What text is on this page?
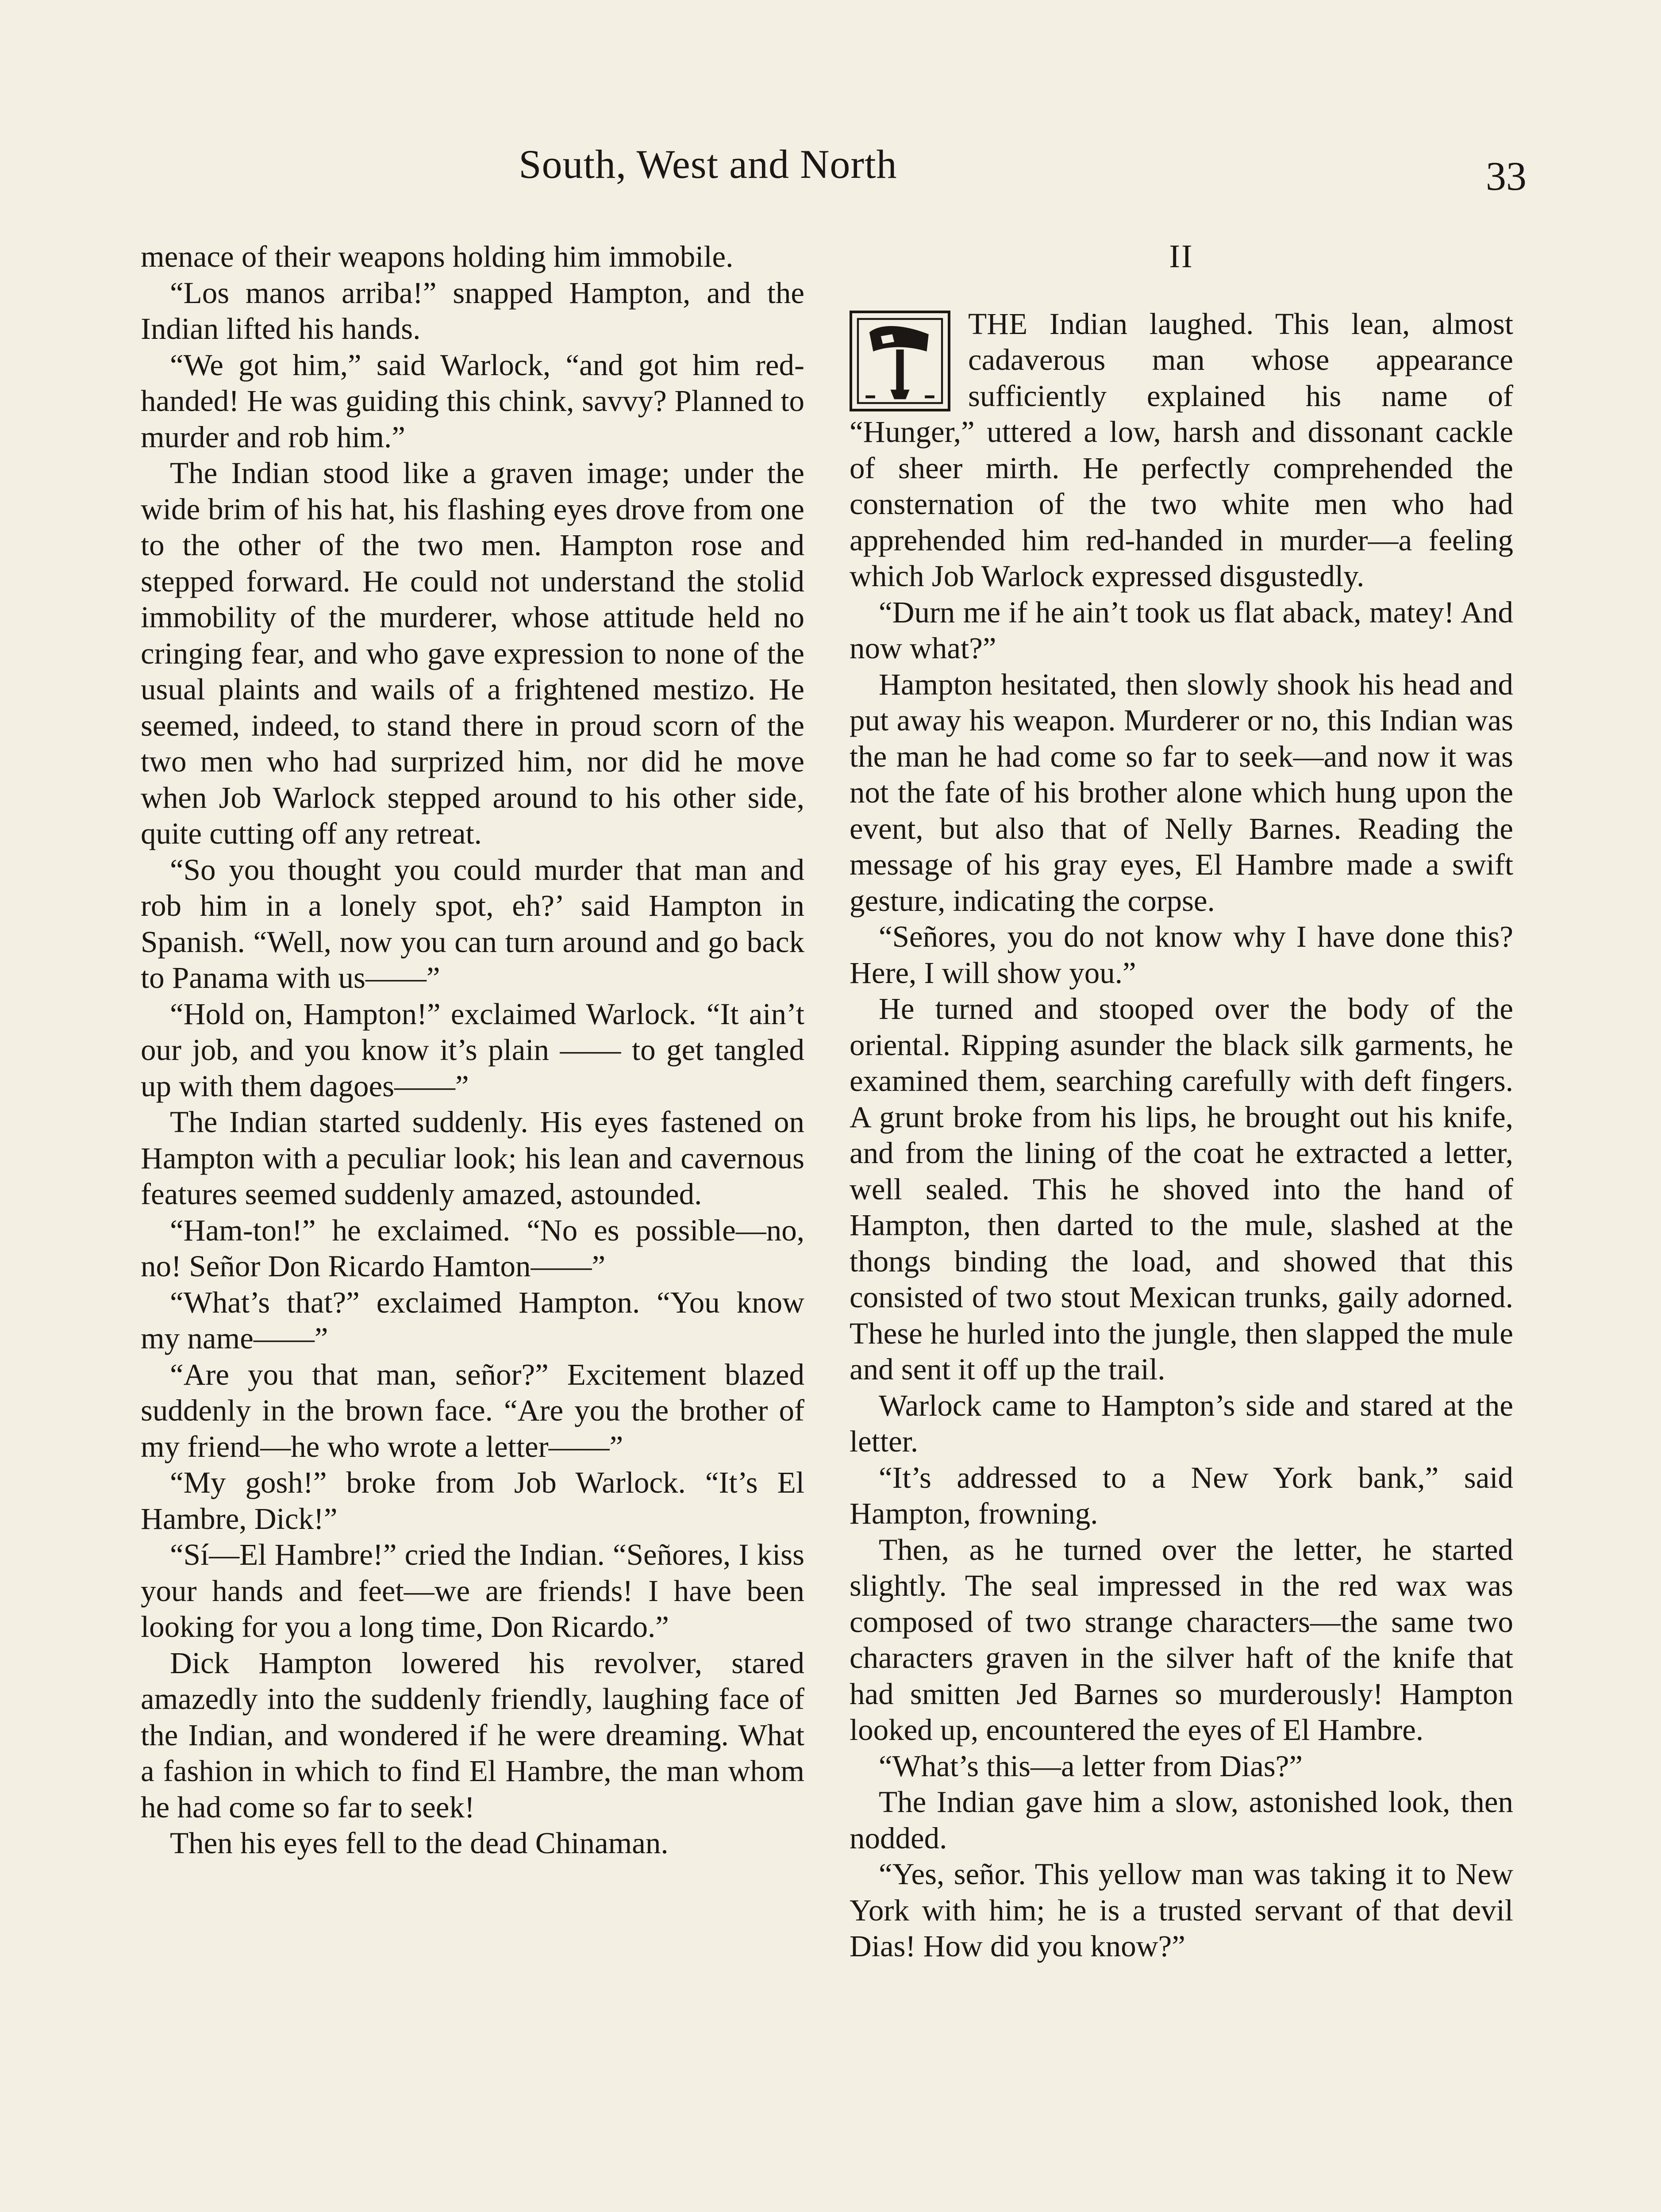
South, West and North	33

menace of their weapons holding him immobile.

“Los manos arriba!” snapped Hampton, and the Indian lifted his hands.

“We got him,” said Warlock, “and got him red-handed! He was guiding this chink, savvy? Planned to murder and rob him.”

The Indian stood like a graven image; under the wide brim of his hat, his flashing eyes drove from one to the other of the two men. Hampton rose and stepped forward. He could not understand the stolid immobility of the murderer, whose attitude held no cringing fear, and who gave expression to none of the usual plaints and wails of a frightened mestizo. He seemed, indeed, to stand there in proud scorn of the two men who had surprized him, nor did he move when Job Warlock stepped around to his other side, quite cutting off any retreat.

“So you thought you could murder that man and rob him in a lonely spot, eh?’ said Hampton in Spanish. “Well, now you can turn around and go back to Panama with us——”

“Hold on, Hampton!” exclaimed Warlock. “It ain’t our job, and you know it’s plain —— to get tangled up with them dagoes——”

The Indian started suddenly. His eyes fastened on Hampton with a peculiar look; his lean and cavernous features seemed suddenly amazed, astounded.

“Ham-ton!” he exclaimed. “No es possible—no, no! Señor Don Ricardo Hamton——”

“What’s that?” exclaimed Hampton. “You know my name——”

“Are you that man, señor?” Excitement blazed suddenly in the brown face. “Are you the brother of my friend—he who wrote a letter——”

“My gosh!” broke from Job Warlock. “It’s El Hambre, Dick!”

“Sí—El Hambre!” cried the Indian. “Señores, I kiss your hands and feet—we are friends! I have been looking for you a long time, Don Ricardo.”

Dick Hampton lowered his revolver, stared amazedly into the suddenly friendly, laughing face of the Indian, and wondered if he were dreaming. What a fashion in which to find El Hambre, the man whom he had come so far to seek!

Then his eyes fell to the dead Chinaman.

II

THE Indian laughed. This lean, almost cadaverous man whose appearance sufficiently explained his name of “Hunger,” uttered a low, harsh and dissonant cackle of sheer mirth. He perfectly comprehended the consternation of the two white men who had apprehended him red-handed in murder—a feeling which Job Warlock expressed disgustedly.

“Durn me if he ain’t took us flat aback, matey! And now what?”

Hampton hesitated, then slowly shook his head and put away his weapon. Murderer or no, this Indian was the man he had come so far to seek—and now it was not the fate of his brother alone which hung upon the event, but also that of Nelly Barnes. Reading the message of his gray eyes, El Hambre made a swift gesture, indicating the corpse.

“Señores, you do not know why I have done this? Here, I will show you.”

He turned and stooped over the body of the oriental. Ripping asunder the black silk garments, he examined them, searching carefully with deft fingers. A grunt broke from his lips, he brought out his knife, and from the lining of the coat he extracted a letter, well sealed. This he shoved into the hand of Hampton, then darted to the mule, slashed at the thongs binding the load, and showed that this consisted of two stout Mexican trunks, gaily adorned. These he hurled into the jungle, then slapped the mule and sent it off up the trail.

Warlock came to Hampton’s side and stared at the letter.

“It’s addressed to a New York bank,” said Hampton, frowning.

Then, as he turned over the letter, he started slightly. The seal impressed in the red wax was composed of two strange characters—the same two characters graven in the silver haft of the knife that had smitten Jed Barnes so murderously! Hampton looked up, encountered the eyes of El Hambre.

“What’s this—a letter from Dias?”

The Indian gave him a slow, astonished look, then nodded.

“Yes, señor. This yellow man was taking it to New York with him; he is a trusted servant of that devil Dias! How did you know?”
